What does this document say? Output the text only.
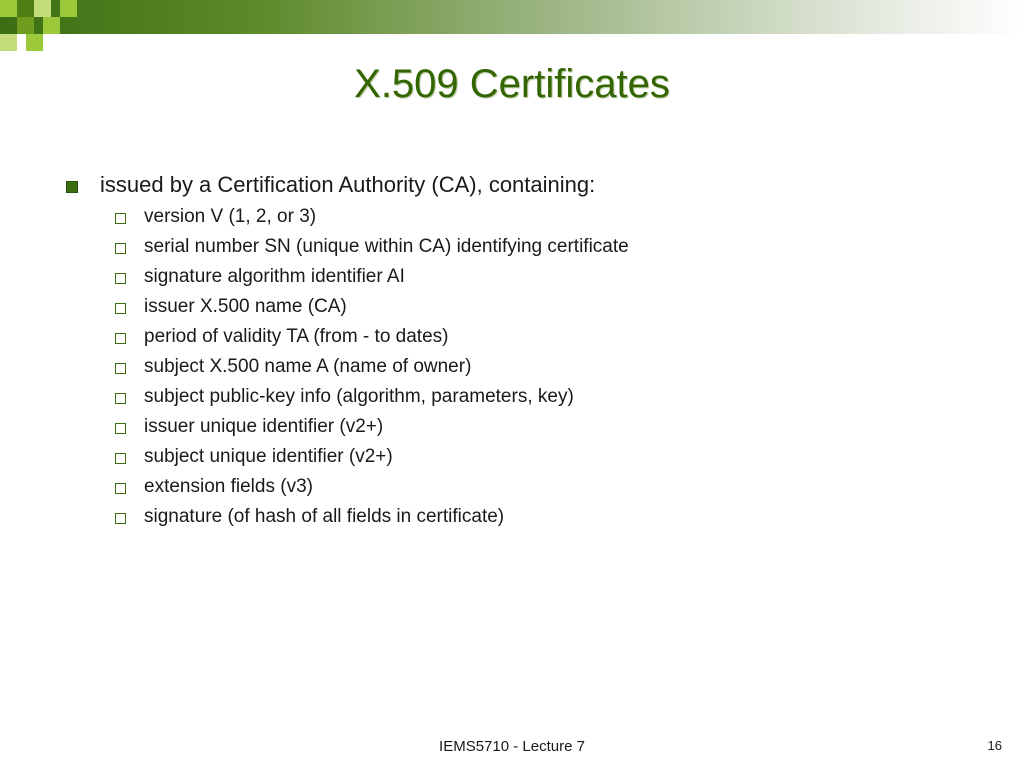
X.509 Certificates
issued by a Certification Authority (CA), containing:
version V (1, 2, or 3)
serial number SN (unique within CA) identifying certificate
signature algorithm identifier AI
issuer X.500 name (CA)
period of validity TA (from - to dates)
subject X.500 name A (name of owner)
subject public-key info (algorithm, parameters, key)
issuer unique identifier (v2+)
subject unique identifier (v2+)
extension fields (v3)
signature (of hash of all fields in certificate)
IEMS5710 - Lecture 7	16
